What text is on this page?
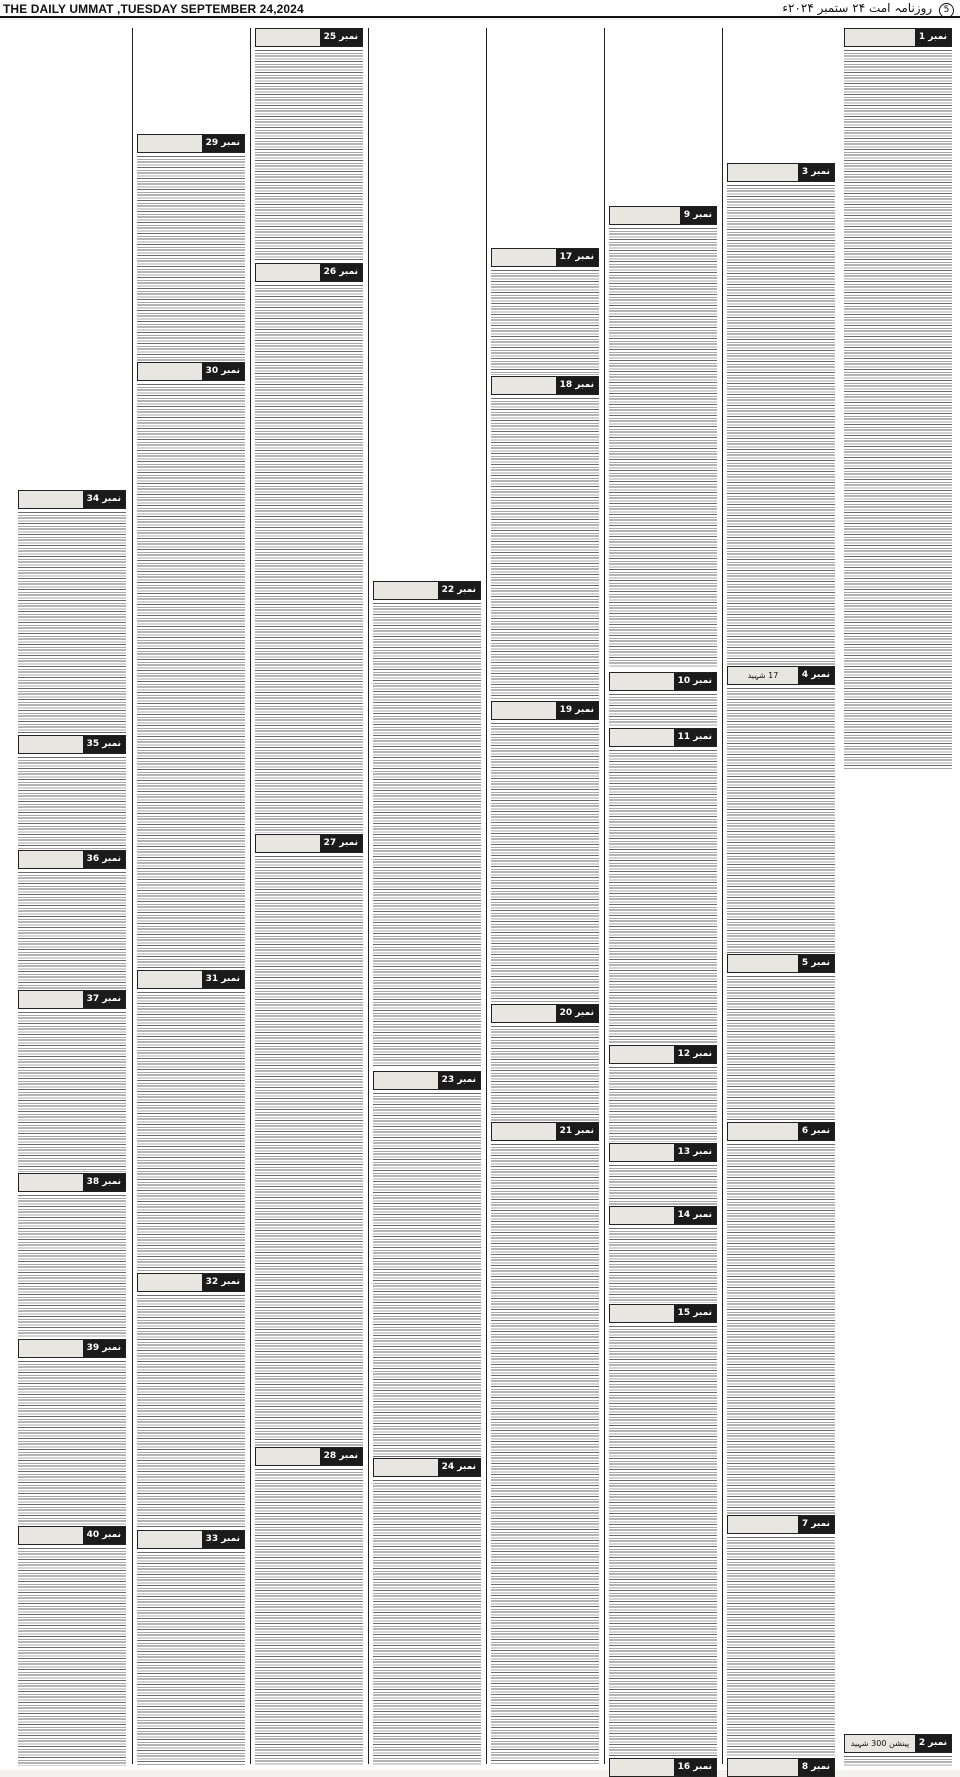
THE DAILY UMMAT ,TUESDAY SEPTEMBER 24,2024	5 روزنامہ امت ۲۴ ستمبر ۲۰۲۴ء
نمبر 1
پینشن 300 شہید	نمبر 2
نمبر 3
17 شہید	نمبر 4
نمبر 5
نمبر 6
نمبر 7
نمبر 8
نمبر 9
نمبر 10
نمبر 11
نمبر 12
نمبر 13
نمبر 14
نمبر 15
نمبر 16
نمبر 17
نمبر 18
نمبر 19
نمبر 20
نمبر 21
نمبر 22
نمبر 23
نمبر 24
نمبر 25
نمبر 26
نمبر 27
نمبر 28
نمبر 29
نمبر 30
نمبر 31
نمبر 32
نمبر 33
نمبر 34
نمبر 35
نمبر 36
نمبر 37
نمبر 38
نمبر 39
نمبر 40
